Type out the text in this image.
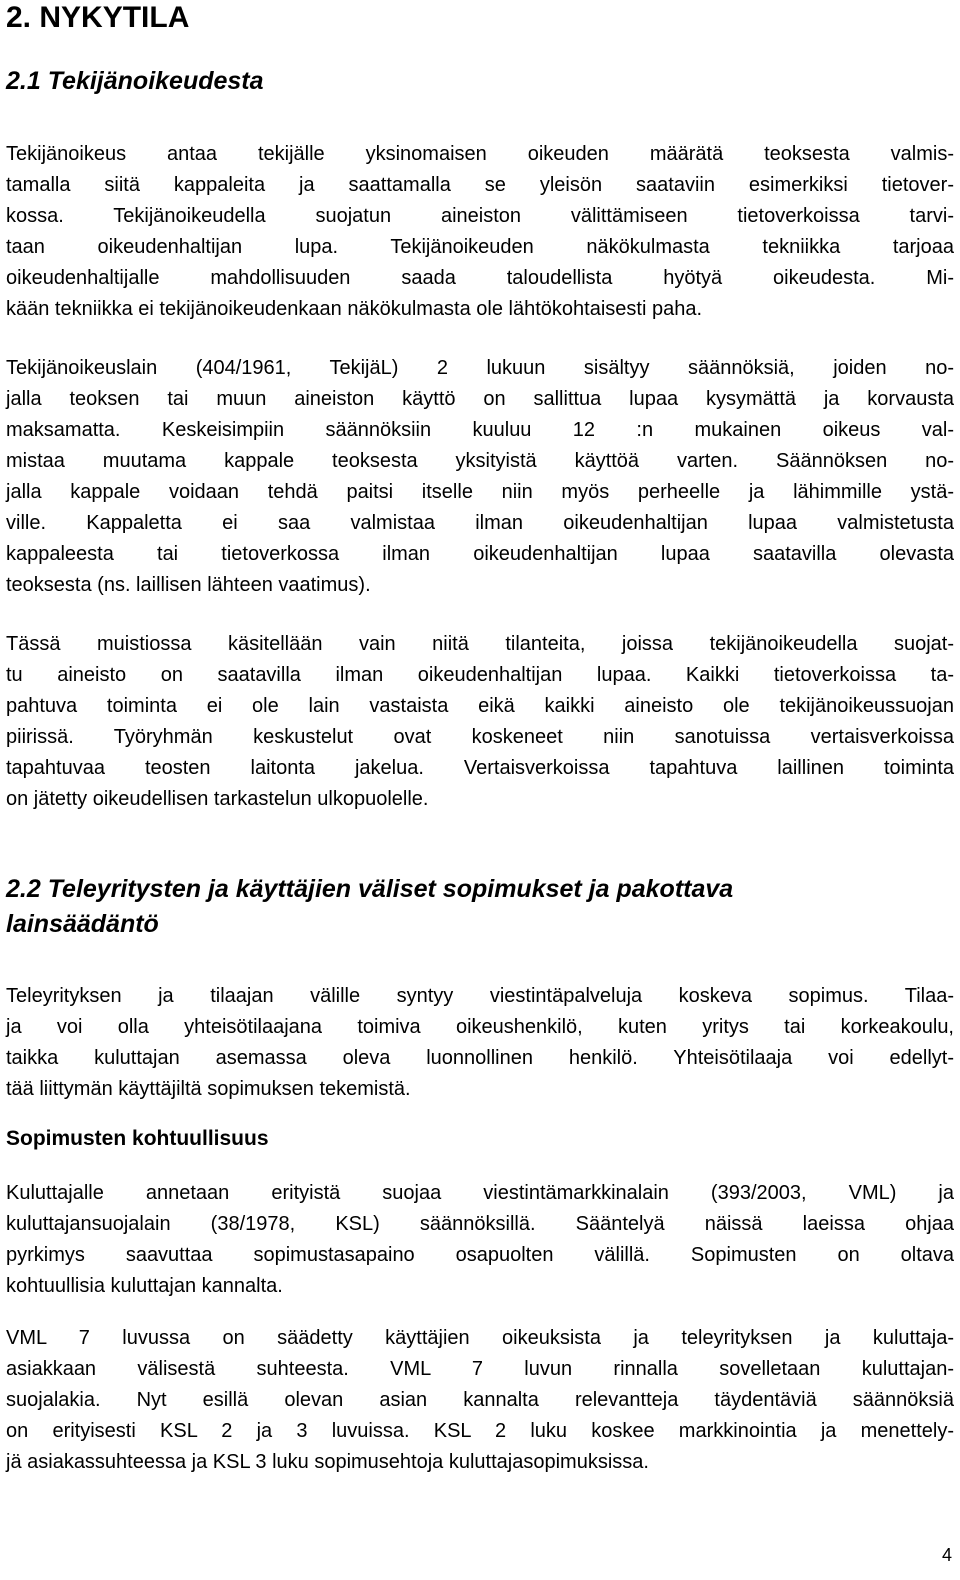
2. NYKYTILA
2.1 Tekijänoikeudesta
Tekijänoikeus antaa tekijälle yksinomaisen oikeuden määrätä teoksesta valmis-
tamalla siitä kappaleita ja saattamalla se yleisön saataviin esimerkiksi tietover-
kossa. Tekijänoikeudella suojatun aineiston välittämiseen tietoverkoissa tarvi-
taan oikeudenhaltijan lupa. Tekijänoikeuden näkökulmasta tekniikka tarjoaa
oikeudenhaltijalle mahdollisuuden saada taloudellista hyötyä oikeudesta. Mi-
kään tekniikka ei tekijänoikeudenkaan näkökulmasta ole lähtökohtaisesti paha.
Tekijänoikeuslain (404/1961, TekijäL) 2 lukuun sisältyy säännöksiä, joiden no-
jalla teoksen tai muun aineiston käyttö on sallittua lupaa kysymättä ja korvausta
maksamatta. Keskeisimpiin säännöksiin kuuluu 12 :n mukainen oikeus val-
mistaa muutama kappale teoksesta yksityistä käyttöä varten. Säännöksen no-
jalla kappale voidaan tehdä paitsi itselle niin myös perheelle ja lähimmille ystä-
ville. Kappaletta ei saa valmistaa ilman oikeudenhaltijan lupaa valmistetusta
kappaleesta tai tietoverkossa ilman oikeudenhaltijan lupaa saatavilla olevasta
teoksesta (ns. laillisen lähteen vaatimus).
Tässä muistiossa käsitellään vain niitä tilanteita, joissa tekijänoikeudella suojat-
tu aineisto on saatavilla ilman oikeudenhaltijan lupaa. Kaikki tietoverkoissa ta-
pahtuva toiminta ei ole lain vastaista eikä kaikki aineisto ole tekijänoikeussuojan
piirissä. Työryhmän keskustelut ovat koskeneet niin sanotuissa vertaisverkoissa
tapahtuvaa teosten laitonta jakelua. Vertaisverkoissa tapahtuva laillinen toiminta
on jätetty oikeudellisen tarkastelun ulkopuolelle.
2.2 Teleyritysten ja käyttäjien väliset sopimukset ja pakottava
lainsäädäntö
Teleyrityksen ja tilaajan välille syntyy viestintäpalveluja koskeva sopimus. Tilaa-
ja voi olla yhteisötilaajana toimiva oikeushenkilö, kuten yritys tai korkeakoulu,
taikka kuluttajan asemassa oleva luonnollinen henkilö. Yhteisötilaaja voi edellyt-
tää liittymän käyttäjiltä sopimuksen tekemistä.
Sopimusten kohtuullisuus
Kuluttajalle annetaan erityistä suojaa viestintämarkkinalain (393/2003, VML) ja
kuluttajansuojalain (38/1978, KSL) säännöksillä. Sääntelyä näissä laeissa ohjaa
pyrkimys saavuttaa sopimustasapaino osapuolten välillä. Sopimusten on oltava
kohtuullisia kuluttajan kannalta.
VML 7 luvussa on säädetty käyttäjien oikeuksista ja teleyrityksen ja kuluttaja-
asiakkaan välisestä suhteesta. VML 7 luvun rinnalla sovelletaan kuluttajan-
suojalakia. Nyt esillä olevan asian kannalta relevantteja täydentäviä säännöksiä
on erityisesti KSL 2 ja 3 luvuissa. KSL 2 luku koskee markkinointia ja menettely-
jä asiakassuhteessa ja KSL 3 luku sopimusehtoja kuluttajasopimuksissa.
4
